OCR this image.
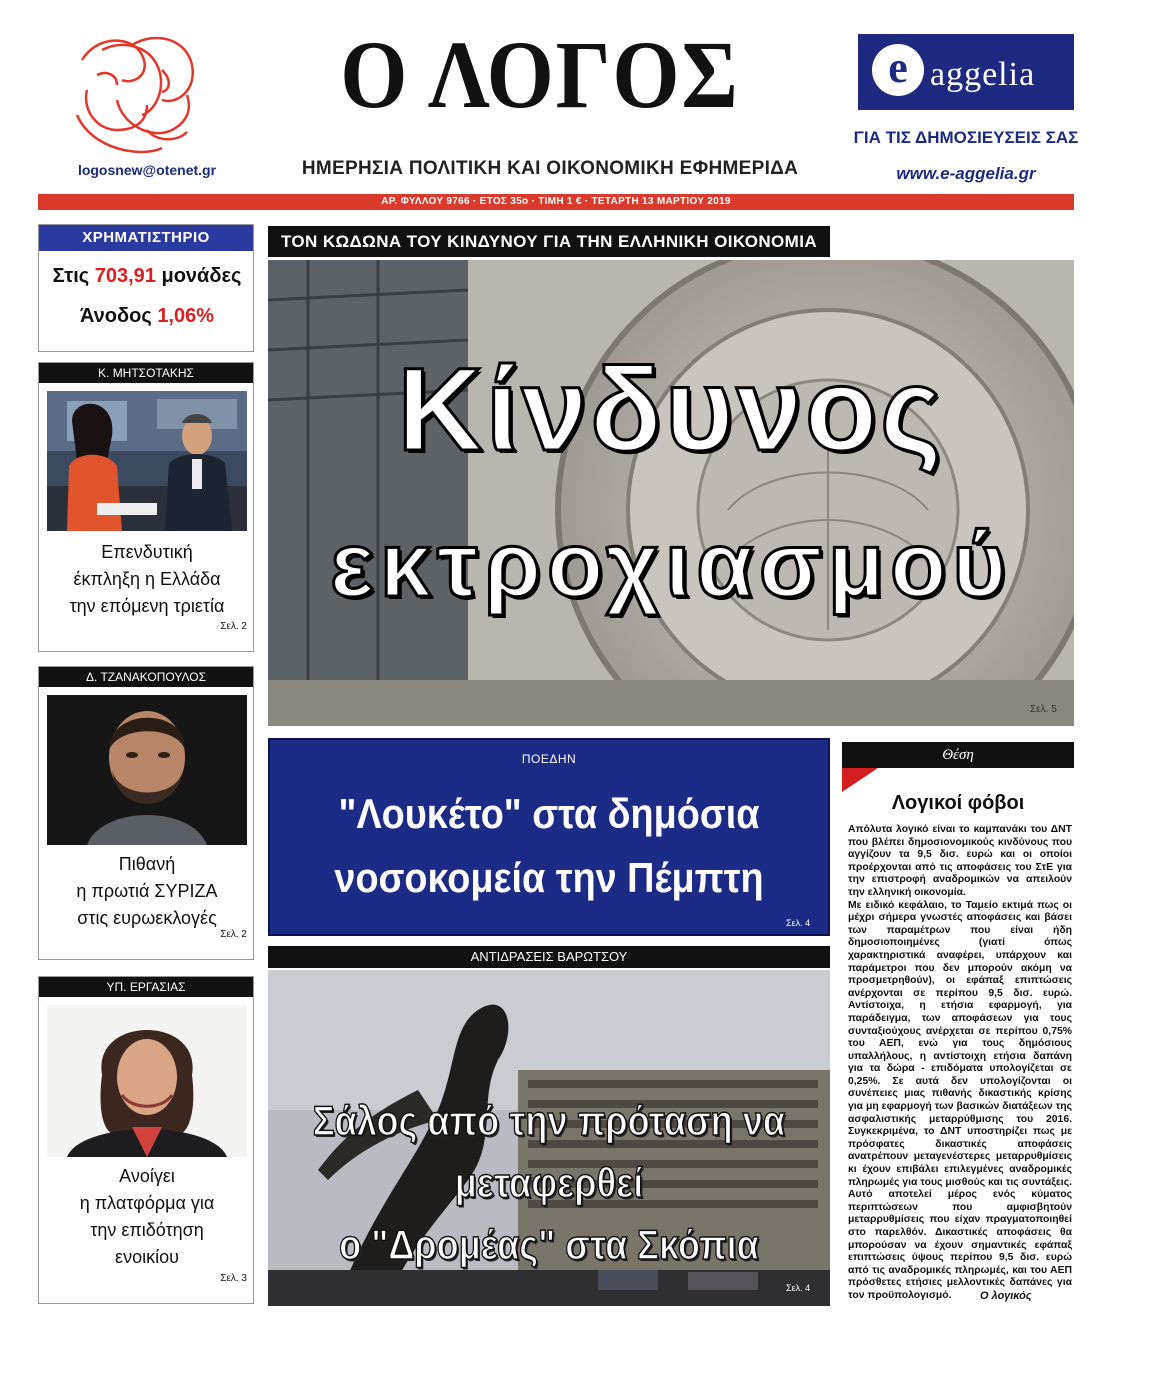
logosnew@otenet.gr
Ο ΛΟΓΟΣ
ΗΜΕΡΗΣΙΑ ΠΟΛΙΤΙΚΗ ΚΑΙ ΟΙΚΟΝΟΜΙΚΗ ΕΦΗΜΕΡΙΔΑ
e aggelia
ΓΙΑ ΤΙΣ ΔΗΜΟΣΙΕΥΣΕΙΣ ΣΑΣ
www.e-aggelia.gr
ΑΡ. ΦΥΛΛΟΥ 9766 · ΕΤΟΣ 35ο · ΤΙΜΗ 1 € · ΤΕΤΑΡΤΗ 13 ΜΑΡΤΙΟΥ 2019
ΧΡΗΜΑΤΙΣΤΗΡΙΟ
Στις 703,91 μονάδες
Άνοδος 1,06%
Κ. ΜΗΤΣΟΤΑΚΗΣ
Επενδυτική
έκπληξη η Ελλάδα
την επόμενη τριετία
Σελ. 2
Δ. ΤΖΑΝΑΚΟΠΟΥΛΟΣ
Πιθανή
η πρωτιά ΣΥΡΙΖΑ
στις ευρωεκλογές
Σελ. 2
ΥΠ. ΕΡΓΑΣΙΑΣ
Ανοίγει
η πλατφόρμα για
την επιδότηση
ενοικίου
Σελ. 3
ΤΟΝ ΚΩΔΩΝΑ ΤΟΥ ΚΙΝΔΥΝΟΥ ΓΙΑ ΤΗΝ ΕΛΛΗΝΙΚΗ ΟΙΚΟΝΟΜΙΑ
Κίνδυνος
εκτροχιασμού
Σελ. 5
ΠΟΕΔΗΝ
"Λουκέτο" στα δημόσια
νοσοκομεία την Πέμπτη
Σελ. 4
ΑΝΤΙΔΡΑΣΕΙΣ ΒΑΡΩΤΣΟΥ
Σάλος από την πρόταση να μεταφερθεί
ο "Δρομέας" στα Σκόπια
Σελ. 4
Θέση
Λογικοί φόβοι
Απόλυτα λογικό είναι το καμπανάκι του ΔΝΤ που βλέπει δημοσιονομικούς κινδύνους που αγγίζουν τα 9,5 δισ. ευρώ και οι οποίοι προέρχονται από τις αποφάσεις του ΣτΕ για την επιστροφή αναδρομικών να απειλούν την ελληνική οικονομία.
Με ειδικό κεφάλαιο, το Ταμείο εκτιμά πως οι μέχρι σήμερα γνωστές αποφάσεις και βάσει των παραμέτρων που είναι ήδη δημοσιοποιημένες (γιατί όπως χαρακτηριστικά αναφέρει, υπάρχουν και παράμετροι που δεν μπορούν ακόμη να προσμετρηθούν), οι εφάπαξ επιπτώσεις ανέρχονται σε περίπου 9,5 δισ. ευρώ. Αντίστοιχα, η ετήσια εφαρμογή, για παράδειγμα, των αποφάσεων για τους συνταξιούχους ανέρχεται σε περίπου 0,75% του ΑΕΠ, ενώ για τους δημόσιους υπαλλήλους, η αντίστοιχη ετήσια δαπάνη για τα δώρα - επιδόματα υπολογίζεται σε 0,25%. Σε αυτά δεν υπολογίζονται οι συνέπειες μιας πιθανής δικαστικής κρίσης για μη εφαρμογή των βασικών διατάξεων της ασφαλιστικής μεταρρύθμισης του 2016. Συγκεκριμένα, το ΔΝΤ υποστηρίζει πως με πρόσφατες δικαστικές αποφάσεις ανατρέπουν μεταγενέστερες μεταρρυθμίσεις κι έχουν επιβάλει επιλεγμένες αναδρομικές πληρωμές για τους μισθούς και τις συντάξεις. Αυτό αποτελεί μέρος ενός κύματος περιπτώσεων που αμφισβητούν μεταρρυθμίσεις που είχαν πραγματοποιηθεί στο παρελθόν. Δικαστικές αποφάσεις θα μπορούσαν να έχουν σημαντικές εφάπαξ επιπτώσεις ύψους περίπου 9,5 δισ. ευρώ από τις αναδρομικές πληρωμές, και του ΑΕΠ πρόσθετες ετήσιες μελλοντικές δαπάνες για τον προϋπολογισμό.	Ο λογικός
